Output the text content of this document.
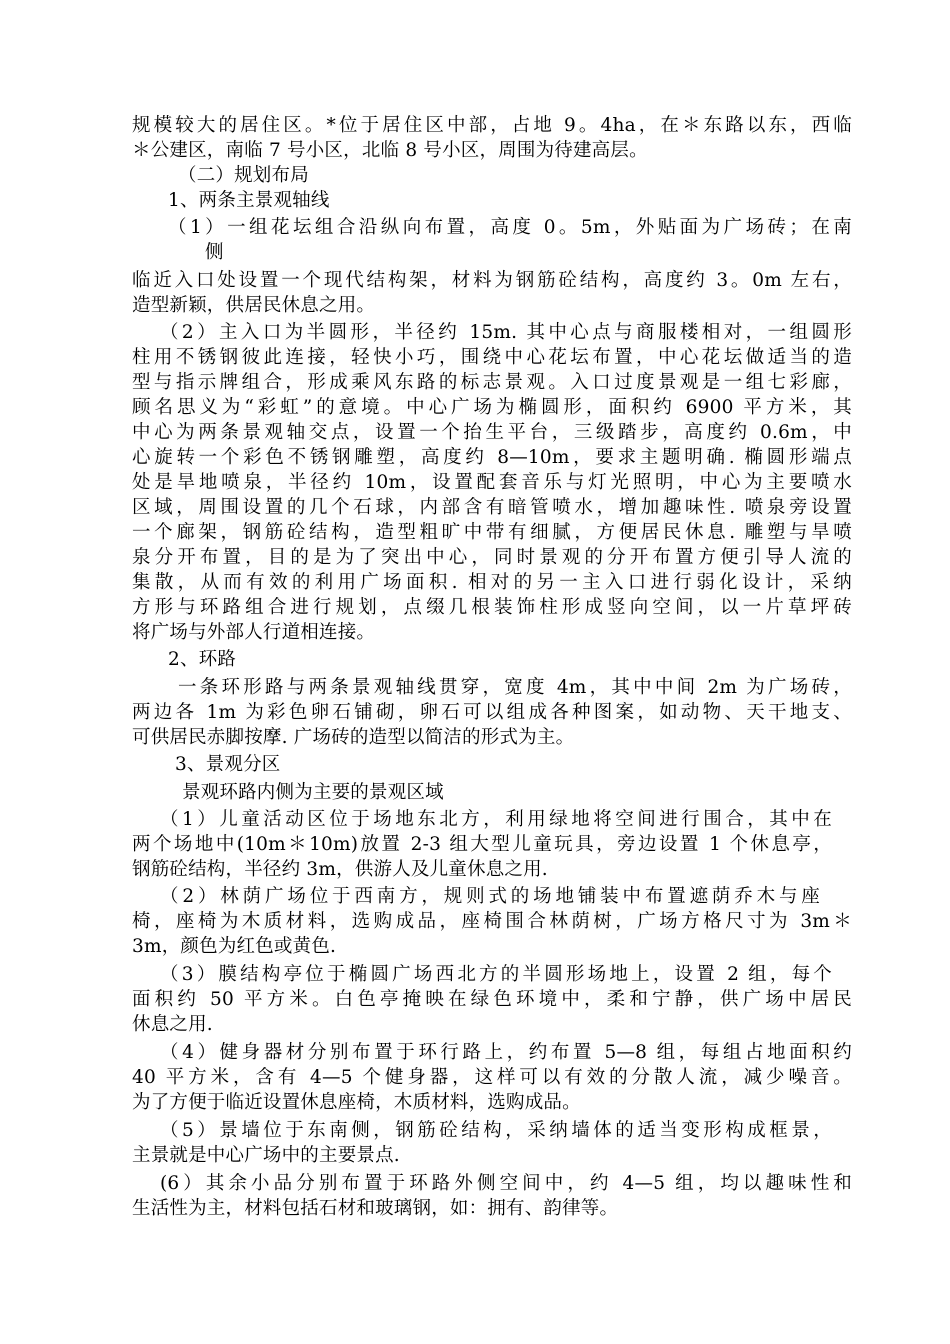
规模较大的居住区。*位于居住区中部，占地 9。4ha，在＊东路以东，西临
＊公建区，南临 7 号小区，北临 8 号小区，周围为待建高层。
（二）规划布局
1、两条主景观轴线
（1）一组花坛组合沿纵向布置，高度 0。5m，外贴面为广场砖；在南
侧
临近入口处设置一个现代结构架，材料为钢筋砼结构，高度约 3。0m 左右，
造型新颖，供居民休息之用。
（2）主入口为半圆形，半径约 15m. 其中心点与商服楼相对，一组圆形
柱用不锈钢彼此连接，轻快小巧，围绕中心花坛布置，中心花坛做适当的造
型与指示牌组合，形成乘风东路的标志景观。入口过度景观是一组七彩廊，
顾名思义为“彩虹”的意境。中心广场为椭圆形，面积约 6900 平方米，其
中心为两条景观轴交点，设置一个抬生平台，三级踏步，高度约 0.6m，中
心旋转一个彩色不锈钢雕塑，高度约 8—10m，要求主题明确. 椭圆形端点
处是旱地喷泉，半径约 10m，设置配套音乐与灯光照明，中心为主要喷水
区域，周围设置的几个石球，内部含有暗管喷水，增加趣味性. 喷泉旁设置
一个廊架，钢筋砼结构，造型粗旷中带有细腻，方便居民休息. 雕塑与旱喷
泉分开布置，目的是为了突出中心，同时景观的分开布置方便引导人流的
集散，从而有效的利用广场面积. 相对的另一主入口进行弱化设计，采纳
方形与环路组合进行规划，点缀几根装饰柱形成竖向空间，以一片草坪砖
将广场与外部人行道相连接。
2、环路
一条环形路与两条景观轴线贯穿，宽度 4m，其中中间 2m 为广场砖，
两边各 1m 为彩色卵石铺砌，卵石可以组成各种图案，如动物、天干地支、
可供居民赤脚按摩. 广场砖的造型以简洁的形式为主。
3、景观分区
景观环路内侧为主要的景观区域
（1）儿童活动区位于场地东北方，利用绿地将空间进行围合，其中在
两个场地中(10m＊10m)放置 2-3 组大型儿童玩具，旁边设置 1 个休息亭，
钢筋砼结构，半径约 3m，供游人及儿童休息之用.
（2）林荫广场位于西南方，规则式的场地铺装中布置遮荫乔木与座
椅，座椅为木质材料，选购成品，座椅围合林荫树，广场方格尺寸为 3m＊
3m，颜色为红色或黄色.
（3）膜结构亭位于椭圆广场西北方的半圆形场地上，设置 2 组，每个
面积约 50 平方米。白色亭掩映在绿色环境中，柔和宁静，供广场中居民
休息之用.
（4）健身器材分别布置于环行路上，约布置 5—8 组，每组占地面积约
40 平方米，含有 4—5 个健身器，这样可以有效的分散人流，减少噪音。
为了方便于临近设置休息座椅，木质材料，选购成品。
（5）景墙位于东南侧，钢筋砼结构，采纳墙体的适当变形构成框景，
主景就是中心广场中的主要景点.
(6）其余小品分别布置于环路外侧空间中，约 4—5 组，均以趣味性和
生活性为主，材料包括石材和玻璃钢，如：拥有、韵律等。
